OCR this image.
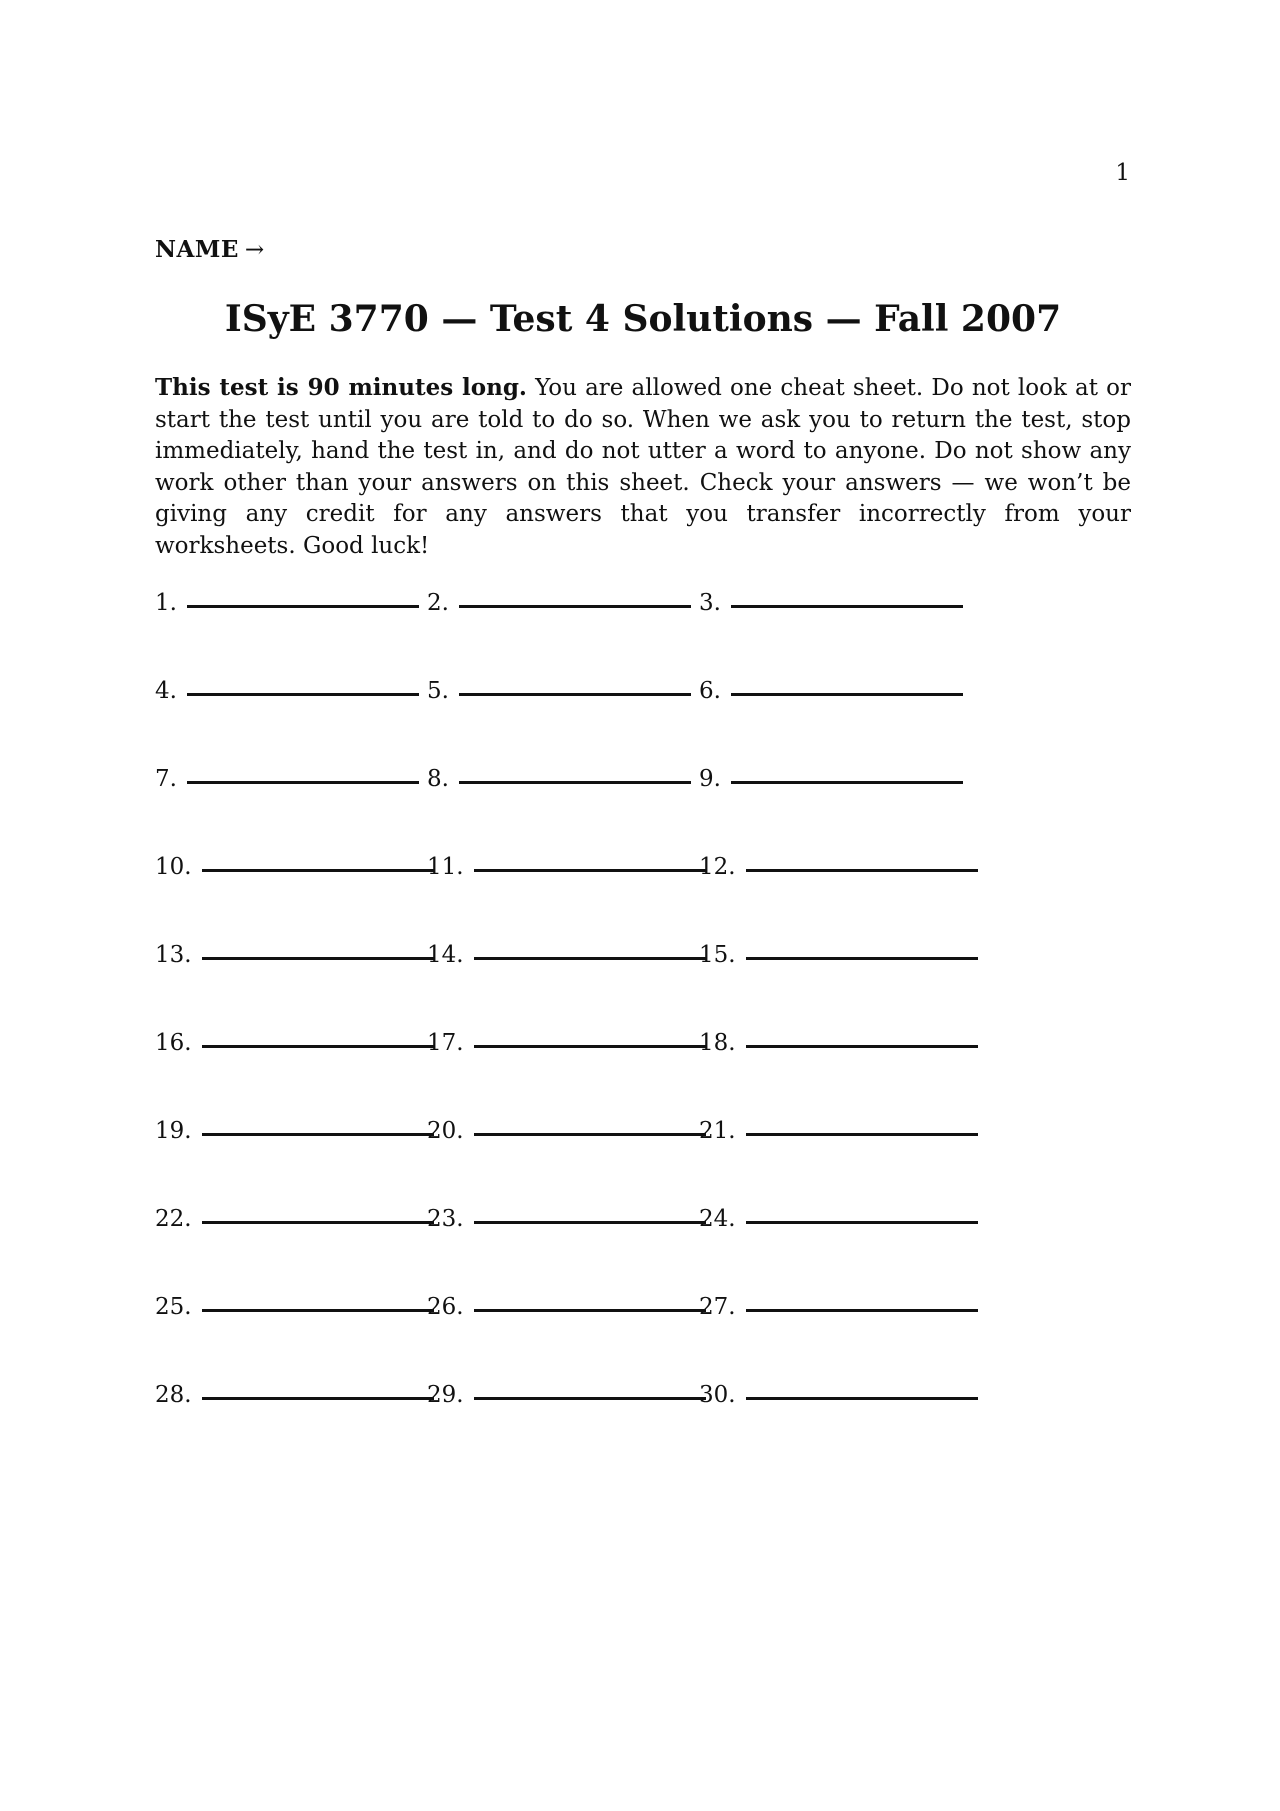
1
NAME →
ISyE 3770 — Test 4 Solutions — Fall 2007
This test is 90 minutes long. You are allowed one cheat sheet. Do not look at or start the test until you are told to do so. When we ask you to return the test, stop immediately, hand the test in, and do not utter a word to anyone. Do not show any work other than your answers on this sheet. Check your answers — we won’t be giving any credit for any answers that you transfer incorrectly from your worksheets. Good luck!
1.	2.	3.
4.	5.	6.
7.	8.	9.
10.	11.	12.
13.	14.	15.
16.	17.	18.
19.	20.	21.
22.	23.	24.
25.	26.	27.
28.	29.	30.
